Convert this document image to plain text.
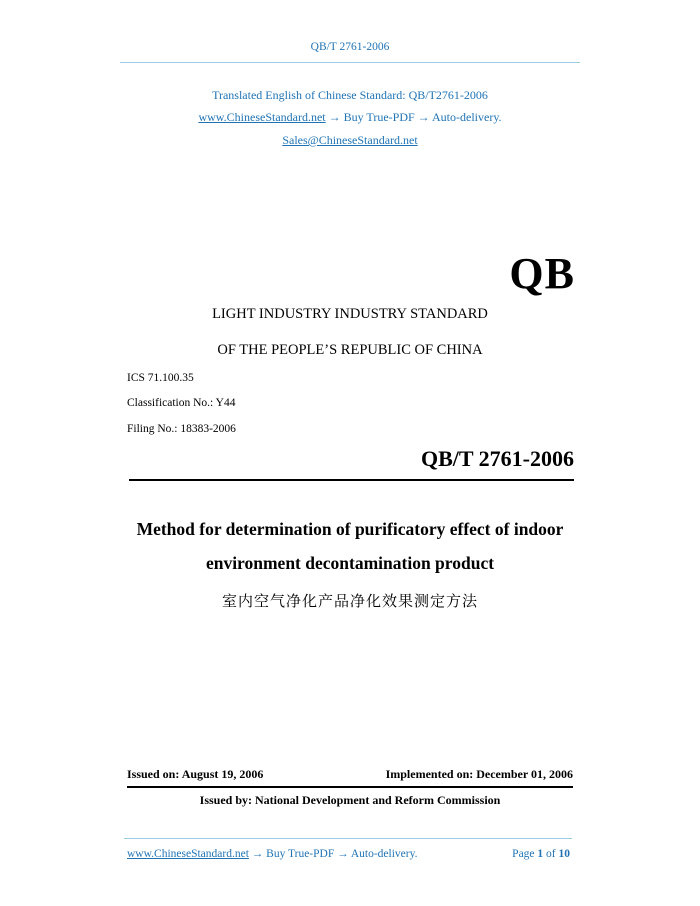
QB/T 2761-2006
Translated English of Chinese Standard: QB/T2761-2006
www.ChineseStandard.net → Buy True-PDF → Auto-delivery.
Sales@ChineseStandard.net
QB
LIGHT INDUSTRY INDUSTRY STANDARD
OF THE PEOPLE’S REPUBLIC OF CHINA
ICS 71.100.35
Classification No.: Y44
Filing No.: 18383-2006
QB/T 2761-2006
Method for determination of purificatory effect of indoor
environment decontamination product
室内空气净化产品净化效果测定方法
Issued on: August 19, 2006	Implemented on: December 01, 2006
Issued by: National Development and Reform Commission
www.ChineseStandard.net → Buy True-PDF → Auto-delivery.	Page 1 of 10
